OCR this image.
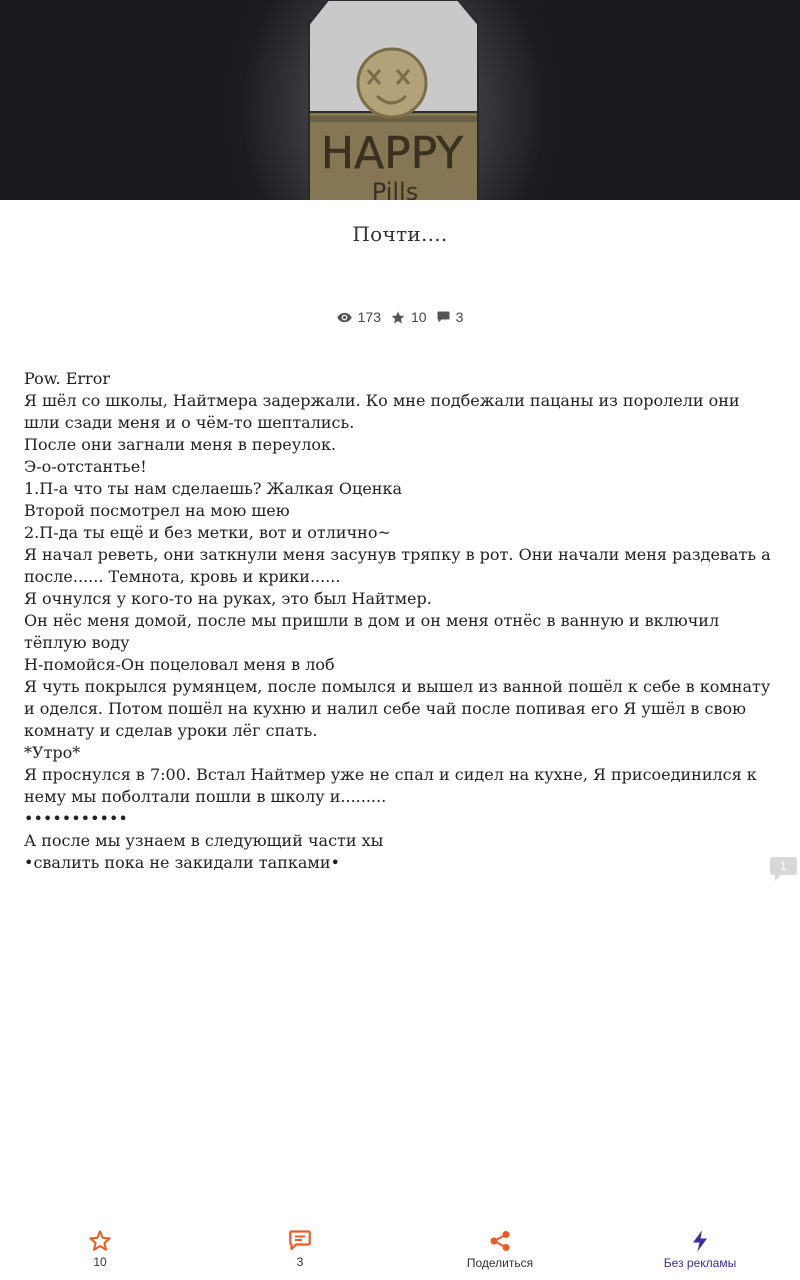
HAPPY
Pills
Почти....
173 10 3

Pow. Error

Я шёл со школы, Найтмера задержали. Ко мне подбежали пацаны из поролели они шли сзади меня и о чём-то шептались.

После они загнали меня в переулок.

Э-о-отстантье!

1.П-а что ты нам сделаешь? Жалкая Оценка

Второй посмотрел на мою шею

2.П-да ты ещё и без метки, вот и отлично~

Я начал реветь, они заткнули меня засунув тряпку в рот. Они начали меня раздевать а после...... Темнота, кровь и крики......

Я очнулся у кого-то на руках, это был Найтмер.

Он нёс меня домой, после мы пришли в дом и он меня отнёс в ванную и включил тёплую воду

Н-помойся-Он поцеловал меня в лоб

Я чуть покрылся румянцем, после помылся и вышел из ванной пошёл к себе в комнату и оделся. Потом пошёл на кухню и налил себе чай после попивая его Я ушёл в свою комнату и сделав уроки лёг спать.

*Утро*

Я проснулся в 7:00. Встал Найтмер уже не спал и сидел на кухне, Я присоединился к нему мы поболтали пошли в школу и.........

•••••••••••

А после мы узнаем в следующий части хы

•свалить пока не закидали тапками•	1
10	3	Поделиться	Без рекламы
